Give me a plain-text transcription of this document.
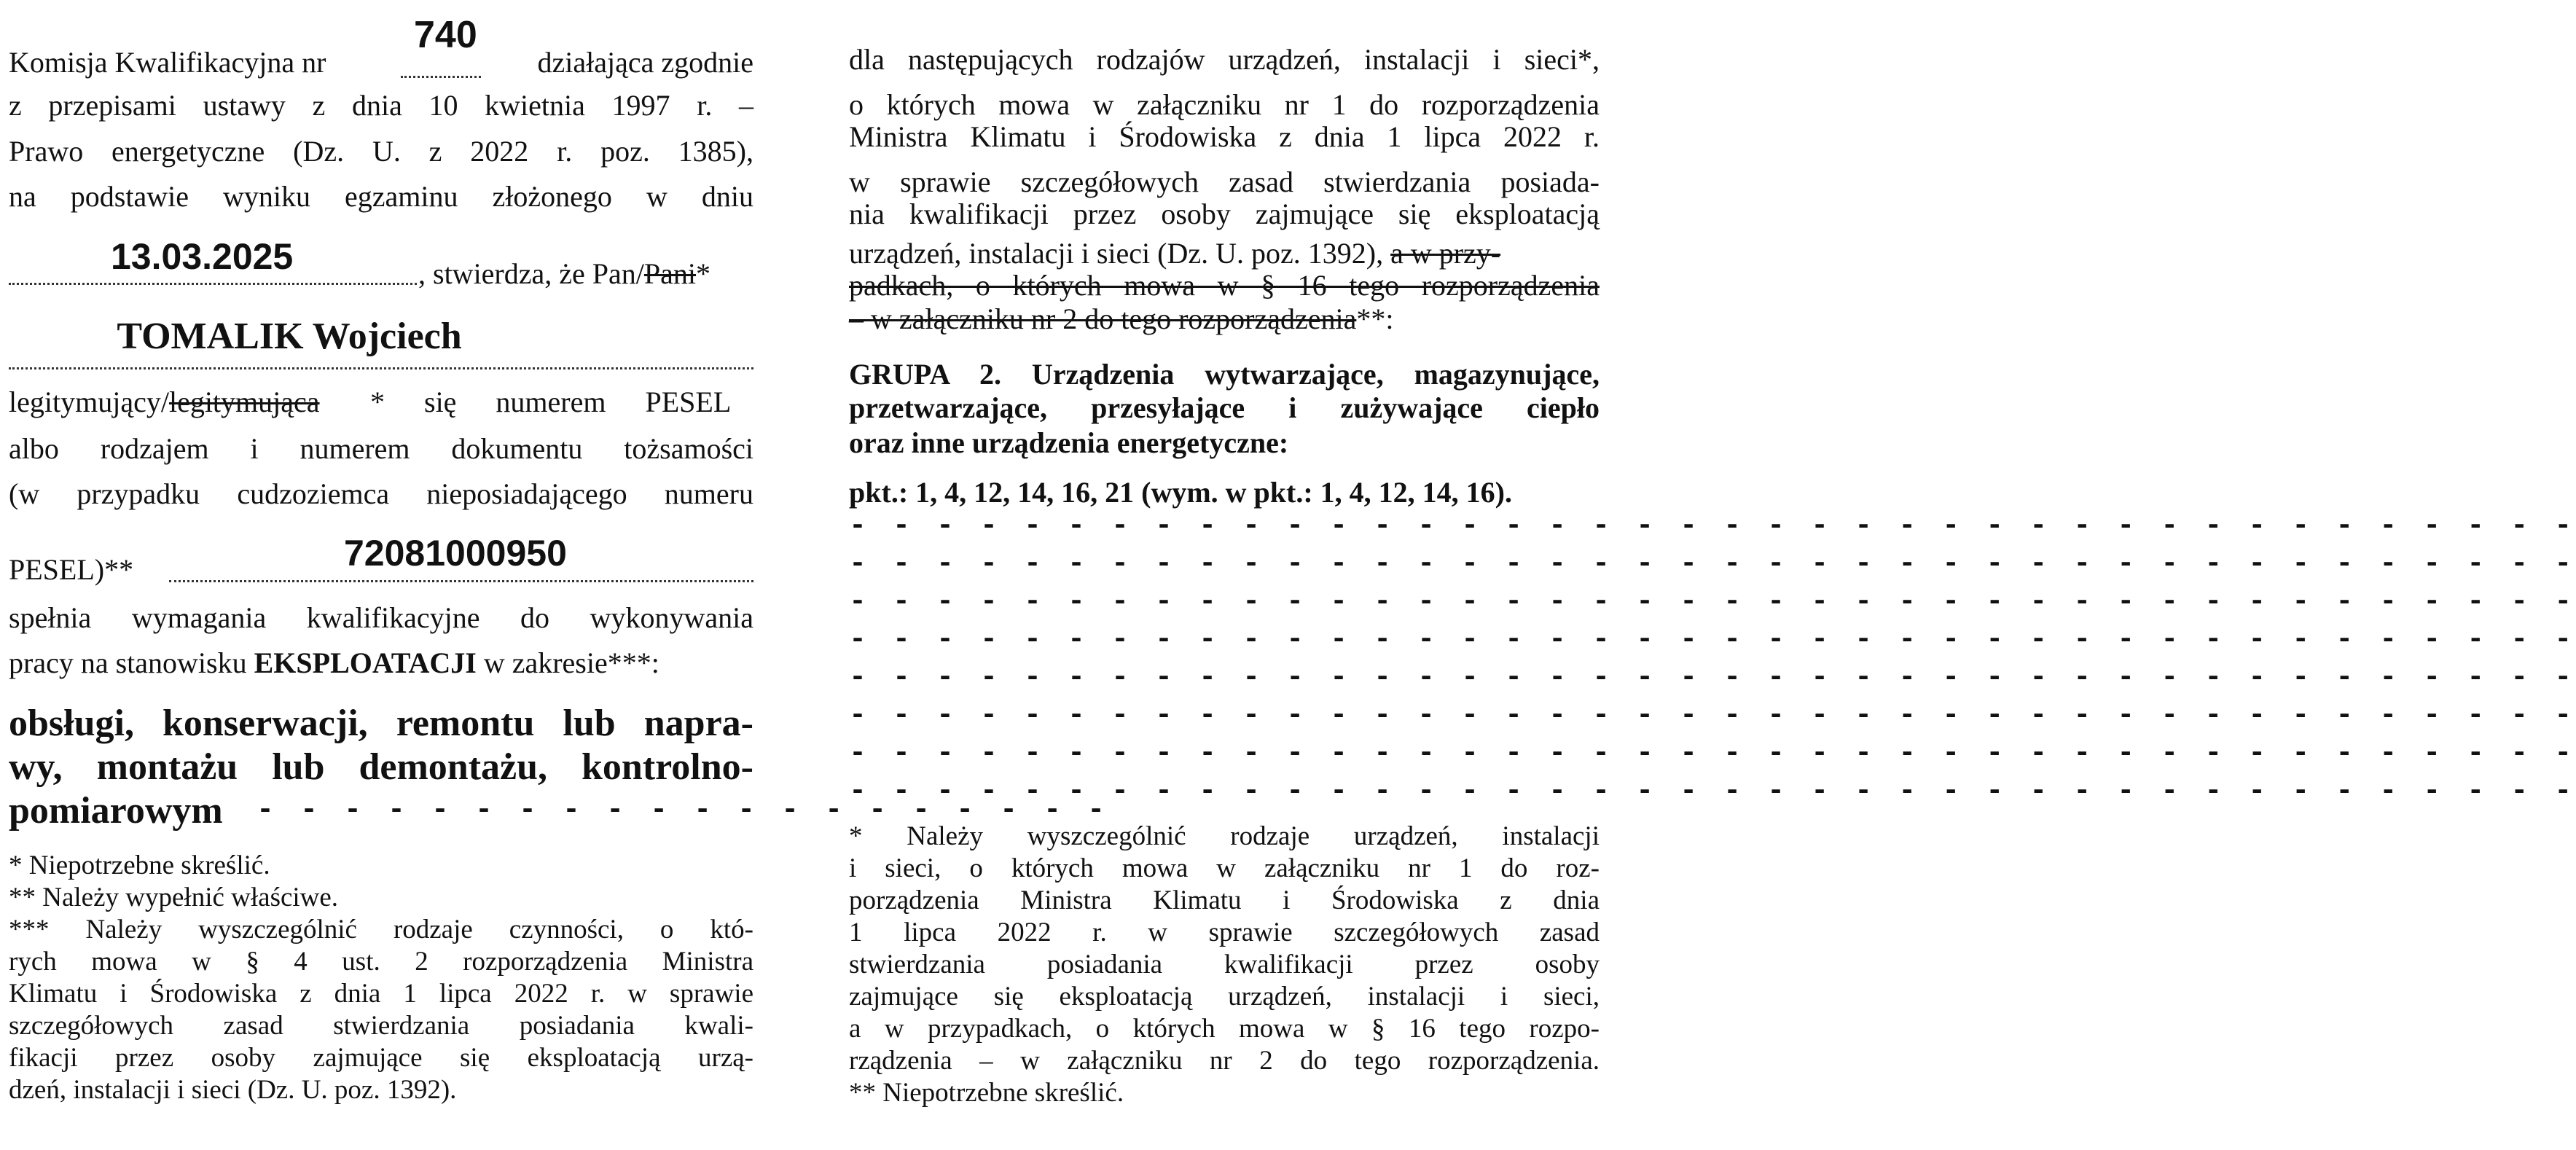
Komisja Kwalifikacyjna nr
740
działająca zgodnie
z przepisami ustawy z dnia 10 kwietnia 1997 r. –
Prawo energetyczne (Dz. U. z 2022 r. poz. 1385),
na podstawie wyniku egzaminu złożonego w dniu
13.03.2025	, stwierdza, że Pan/Pani*
TOMALIK Wojciech
legitymujący/legitymująca * się numerem PESEL
albo rodzajem i numerem dokumentu tożsamości
(w przypadku cudzoziemca nieposiadającego numeru
PESEL)**	72081000950
spełnia wymagania kwalifikacyjne do wykonywania
pracy na stanowisku EKSPLOATACJI w zakresie***:
obsługi, konserwacji, remontu lub napra-
wy, montażu lub demontażu, kontrolno-
pomiarowym - - - - - - - - - - - - - - - - - - - -
* Niepotrzebne skreślić.
** Należy wypełnić właściwe.
*** Należy wyszczególnić rodzaje czynności, o któ-
rych mowa w § 4 ust. 2 rozporządzenia Ministra
Klimatu i Środowiska z dnia 1 lipca 2022 r. w sprawie
szczegółowych zasad stwierdzania posiadania kwali-
fikacji przez osoby zajmujące się eksploatacją urzą-
dzeń, instalacji i sieci (Dz. U. poz. 1392).
dla następujących rodzajów urządzeń, instalacji i sieci*,
o których mowa w załączniku nr 1 do rozporządzenia
Ministra Klimatu i Środowiska z dnia 1 lipca 2022 r.
w sprawie szczegółowych zasad stwierdzania posiada-
nia kwalifikacji przez osoby zajmujące się eksploatacją
urządzeń, instalacji i sieci (Dz. U. poz. 1392), a w przy-
padkach, o których mowa w § 16 tego rozporządzenia
– w załączniku nr 2 do tego rozporządzenia**:
GRUPA 2. Urządzenia wytwarzające, magazynujące,
przetwarzające, przesyłające i zużywające ciepło
oraz inne urządzenia energetyczne:
pkt.: 1, 4, 12, 14, 16, 21 (wym. w pkt.: 1, 4, 12, 14, 16).
- - - - - - - - - - - - - - - - - - - - - - - - - - - - - - - - - - - - - - - -
- - - - - - - - - - - - - - - - - - - - - - - - - - - - - - - - - - - - - - - -
- - - - - - - - - - - - - - - - - - - - - - - - - - - - - - - - - - - - - - - -
- - - - - - - - - - - - - - - - - - - - - - - - - - - - - - - - - - - - - - - -
- - - - - - - - - - - - - - - - - - - - - - - - - - - - - - - - - - - - - - - -
- - - - - - - - - - - - - - - - - - - - - - - - - - - - - - - - - - - - - - - -
- - - - - - - - - - - - - - - - - - - - - - - - - - - - - - - - - - - - - - - -
- - - - - - - - - - - - - - - - - - - - - - - - - - - - - - - - - - - - - - - -
* Należy wyszczególnić rodzaje urządzeń, instalacji
i sieci, o których mowa w załączniku nr 1 do roz-
porządzenia Ministra Klimatu i Środowiska z dnia
1 lipca 2022 r. w sprawie szczegółowych zasad
stwierdzania posiadania kwalifikacji przez osoby
zajmujące się eksploatacją urządzeń, instalacji i sieci,
a w przypadkach, o których mowa w § 16 tego rozpo-
rządzenia – w załączniku nr 2 do tego rozporządzenia.
** Niepotrzebne skreślić.
